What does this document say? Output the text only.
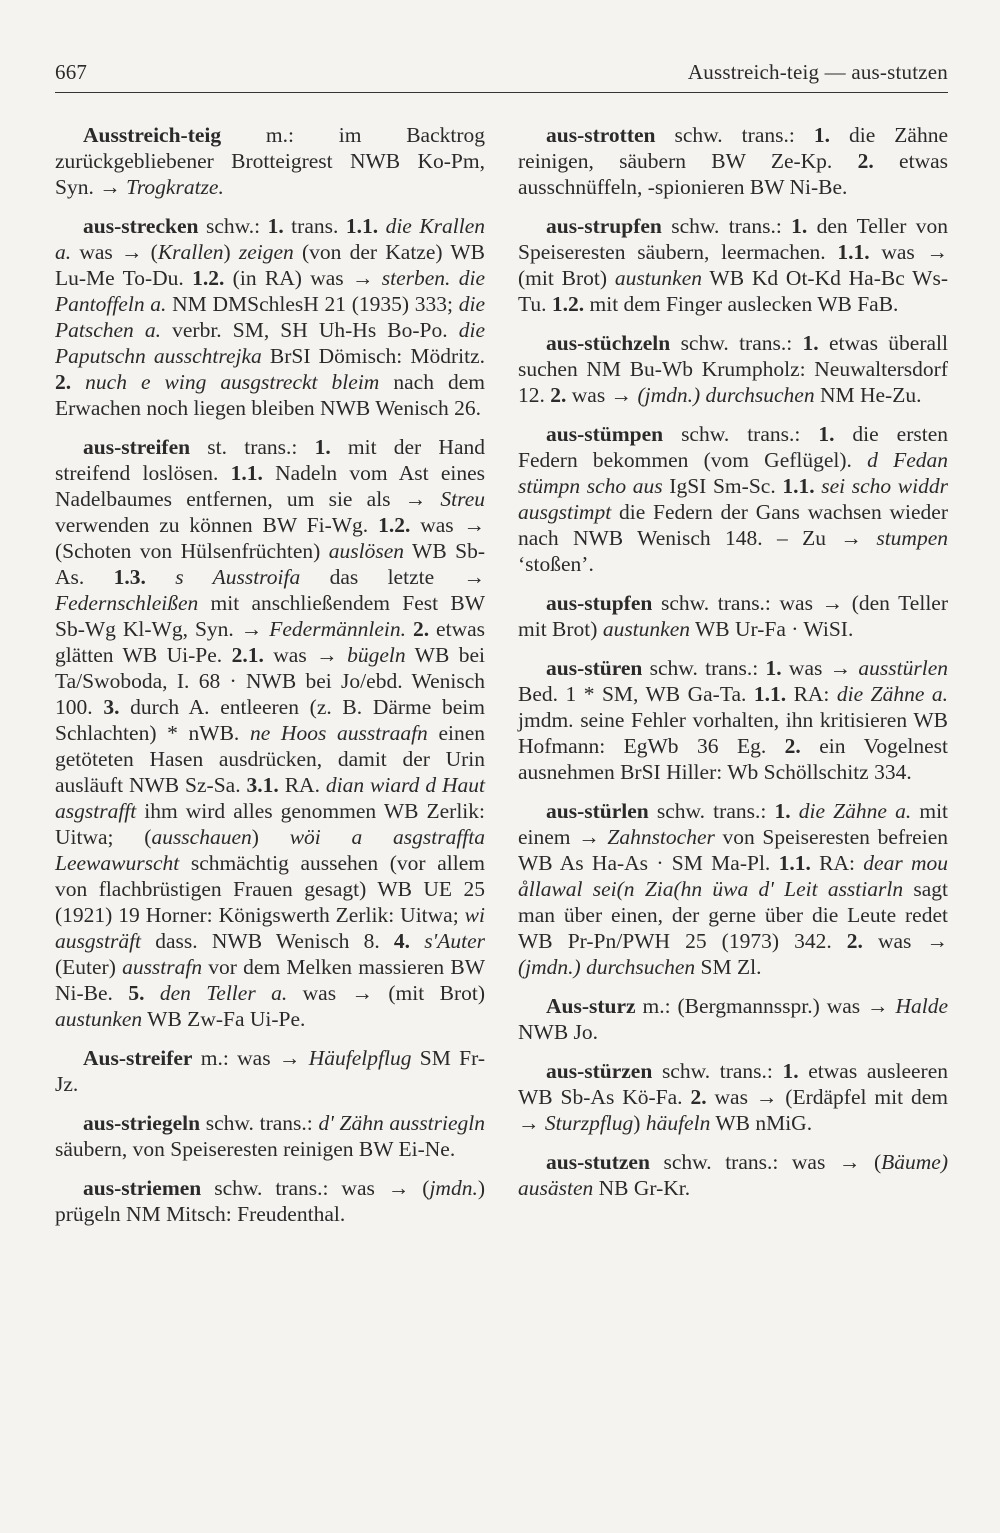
667	Ausstreich-teig — aus-stutzen

Ausstreich-teig m.: im Backtrog zurückgebliebener Brotteigrest NWB Ko-Pm, Syn. → Trogkratze.

aus-strecken schw.: 1. trans. 1.1. die Krallen a. was → (Krallen) zeigen (von der Katze) WB Lu-Me To-Du. 1.2. (in RA) was → sterben. die Pantoffeln a. NM DMSchlesH 21 (1935) 333; die Patschen a. verbr. SM, SH Uh-Hs Bo-Po. die Paputschn ausschtrejka BrSI Dömisch: Mödritz. 2. nuch e wing ausgstreckt bleim nach dem Erwachen noch liegen bleiben NWB Wenisch 26.

aus-streifen st. trans.: 1. mit der Hand streifend loslösen. 1.1. Nadeln vom Ast eines Nadelbaumes entfernen, um sie als → Streu verwenden zu können BW Fi-Wg. 1.2. was → (Schoten von Hülsenfrüchten) auslösen WB Sb-As. 1.3. s Ausstroifa das letzte → Federnschleißen mit anschließendem Fest BW Sb-Wg Kl-Wg, Syn. → Federmännlein. 2. etwas glätten WB Ui-Pe. 2.1. was → bügeln WB bei Ta/Swoboda, I. 68 · NWB bei Jo/ebd. Wenisch 100. 3. durch A. entleeren (z. B. Därme beim Schlachten) * nWB. ne Hoos ausstraafn einen getöteten Hasen ausdrücken, damit der Urin ausläuft NWB Sz-Sa. 3.1. RA. dian wiard d Haut asgstrafft ihm wird alles genommen WB Zerlik: Uitwa; (ausschauen) wöi a asgstraffta Leewawurscht schmächtig aussehen (vor allem von flachbrüstigen Frauen gesagt) WB UE 25 (1921) 19 Horner: Königswerth Zerlik: Uitwa; wi ausgsträft dass. NWB Wenisch 8. 4. s'Auter (Euter) ausstrafn vor dem Melken massieren BW Ni-Be. 5. den Teller a. was → (mit Brot) austunken WB Zw-Fa Ui-Pe.

Aus-streifer m.: was → Häufelpflug SM Fr-Jz.

aus-striegeln schw. trans.: d' Zähn ausstriegln säubern, von Speiseresten reinigen BW Ei-Ne.

aus-striemen schw. trans.: was → (jmdn.) prügeln NM Mitsch: Freudenthal.

aus-strotten schw. trans.: 1. die Zähne reinigen, säubern BW Ze-Kp. 2. etwas ausschnüffeln, -spionieren BW Ni-Be.

aus-strupfen schw. trans.: 1. den Teller von Speiseresten säubern, leermachen. 1.1. was → (mit Brot) austunken WB Kd Ot-Kd Ha-Bc Ws-Tu. 1.2. mit dem Finger auslecken WB FaB.

aus-stüchzeln schw. trans.: 1. etwas überall suchen NM Bu-Wb Krumpholz: Neuwaltersdorf 12. 2. was → (jmdn.) durchsuchen NM He-Zu.

aus-stümpen schw. trans.: 1. die ersten Federn bekommen (vom Geflügel). d Fedan stümpn scho aus IgSI Sm-Sc. 1.1. sei scho widdr ausgstimpt die Federn der Gans wachsen wieder nach NWB Wenisch 148. – Zu → stumpen ‘stoßen’.

aus-stupfen schw. trans.: was → (den Teller mit Brot) austunken WB Ur-Fa · WiSI.

aus-stüren schw. trans.: 1. was → ausstürlen Bed. 1 * SM, WB Ga-Ta. 1.1. RA: die Zähne a. jmdm. seine Fehler vorhalten, ihn kritisieren WB Hofmann: EgWb 36 Eg. 2. ein Vogelnest ausnehmen BrSI Hiller: Wb Schöllschitz 334.

aus-stürlen schw. trans.: 1. die Zähne a. mit einem → Zahnstocher von Speiseresten befreien WB As Ha-As · SM Ma-Pl. 1.1. RA: dear mou ållawal sei(n Zia(hn üwa d' Leit asstiarln sagt man über einen, der gerne über die Leute redet WB Pr-Pn/PWH 25 (1973) 342. 2. was → (jmdn.) durchsuchen SM Zl.

Aus-sturz m.: (Bergmannsspr.) was → Halde NWB Jo.

aus-stürzen schw. trans.: 1. etwas ausleeren WB Sb-As Kö-Fa. 2. was → (Erdäpfel mit dem → Sturzpflug) häufeln WB nMiG.

aus-stutzen schw. trans.: was → (Bäume) ausästen NB Gr-Kr.
